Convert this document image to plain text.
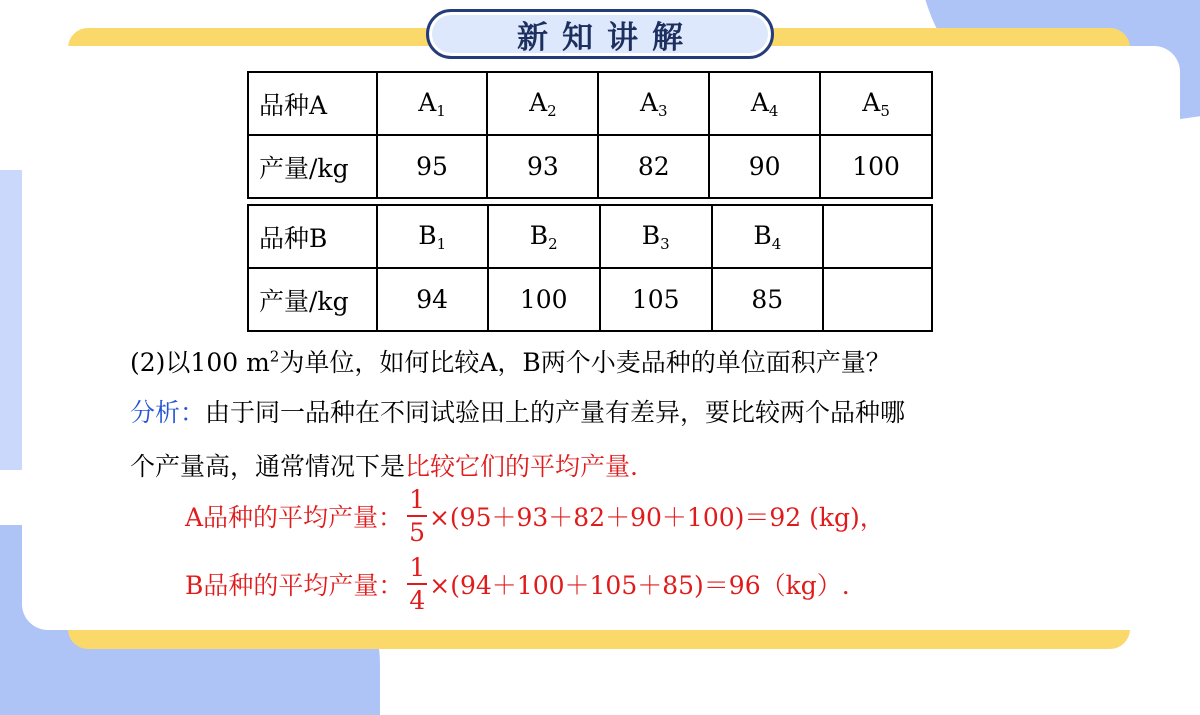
新知讲解
品种A	$A_1$	$A_2$	$A_3$	$A_4$	$A_5$
产量/kg	95	93	82	90	100
品种B	$B_1$	$B_2$	$B_3$	$B_4$	
产量/kg	94	100	105	85	
(2)以100 $m^2$为单位，如何比较A，B两个小麦品种的单位面积产量？
分析：由于同一品种在不同试验田上的产量有差异，要比较两个品种哪
个产量高，通常情况下是比较它们的平均产量.
A品种的平均产量： $\frac{1}{5} \times(95+93+82+90+100)=92$ (kg)，
B品种的平均产量： $\frac{1}{4} \times(94+100+105+85)=96(kg)$.
